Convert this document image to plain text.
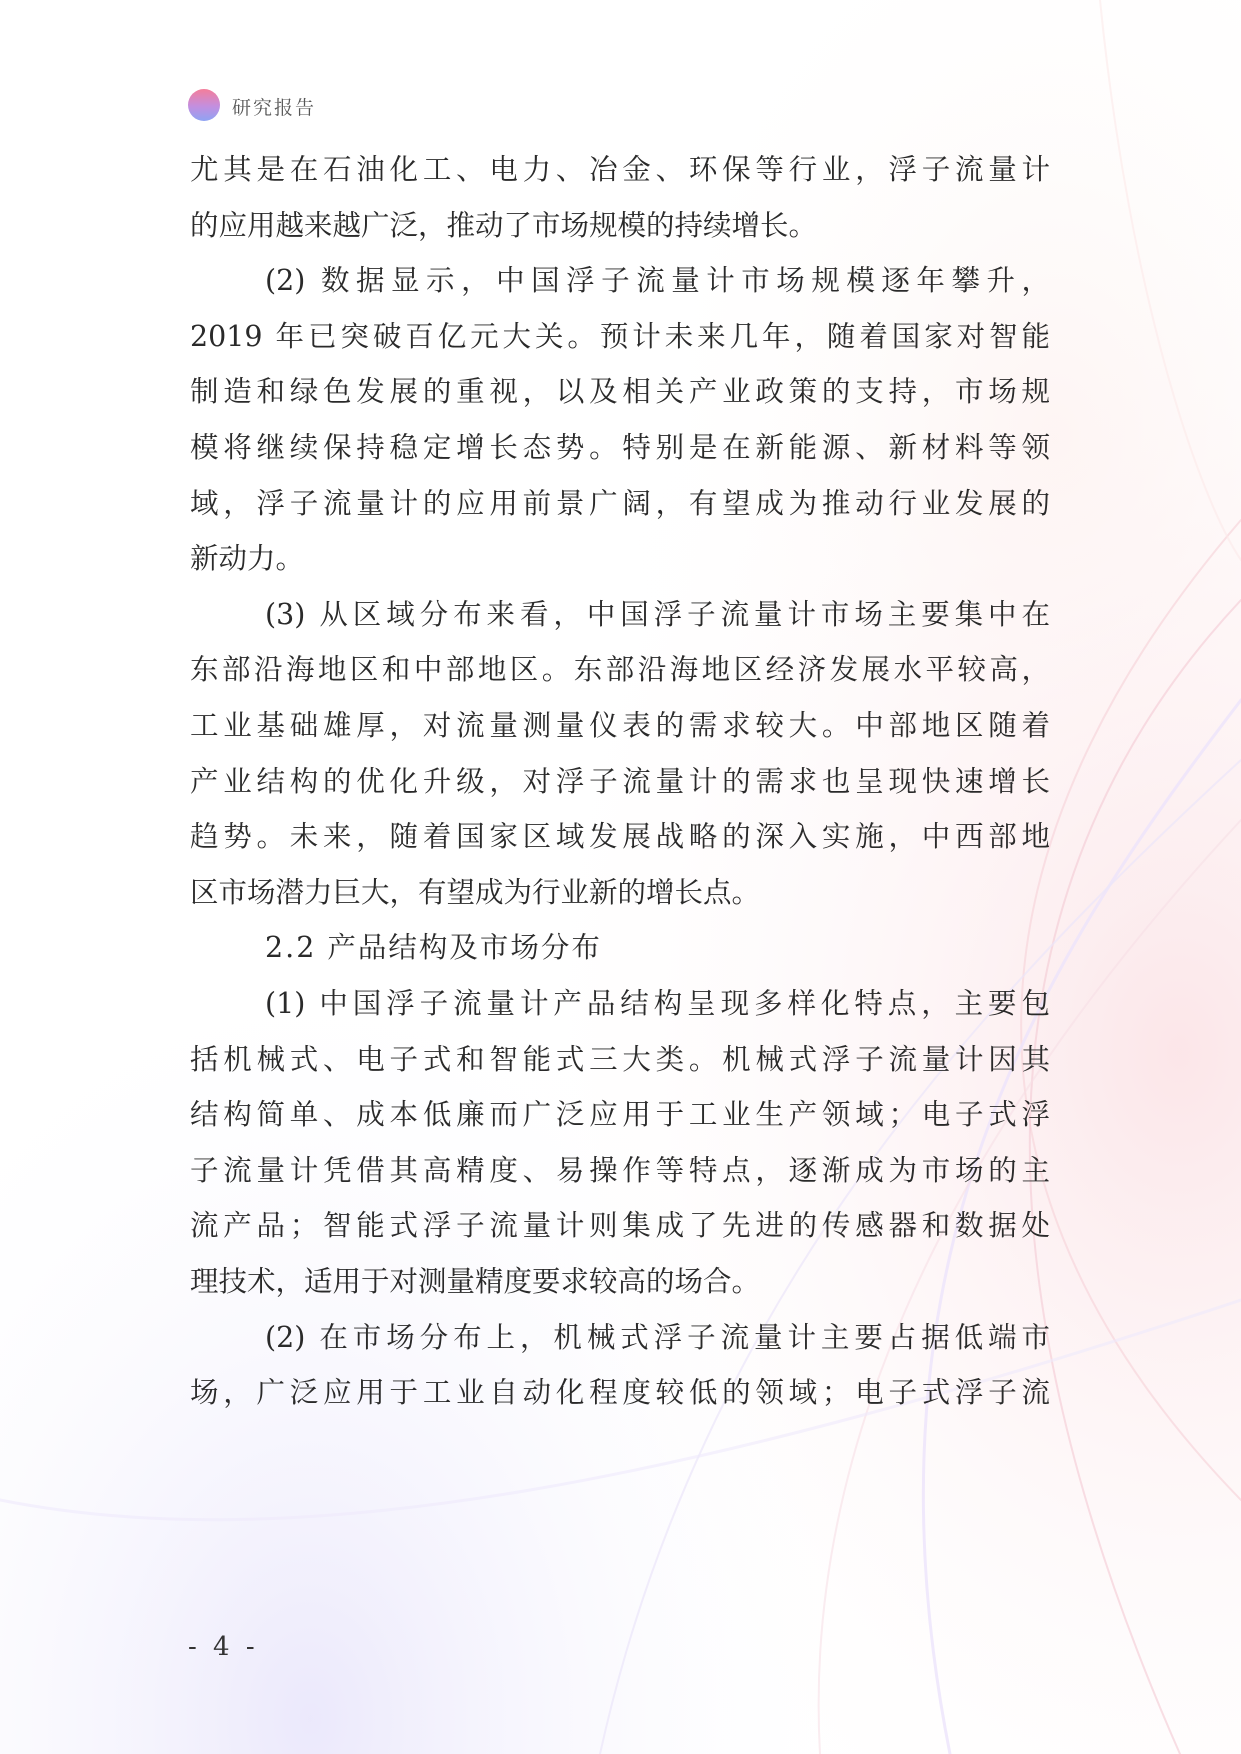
研究报告
尤其是在石油化工、电力、冶金、环保等行业，浮子流量计
的应用越来越广泛，推动了市场规模的持续增长。
(2) 数据显示，中国浮子流量计市场规模逐年攀升，
2019 年已突破百亿元大关。预计未来几年，随着国家对智能
制造和绿色发展的重视，以及相关产业政策的支持，市场规
模将继续保持稳定增长态势。特别是在新能源、新材料等领
域，浮子流量计的应用前景广阔，有望成为推动行业发展的
新动力。
(3) 从区域分布来看，中国浮子流量计市场主要集中在
东部沿海地区和中部地区。东部沿海地区经济发展水平较高，
工业基础雄厚，对流量测量仪表的需求较大。中部地区随着
产业结构的优化升级，对浮子流量计的需求也呈现快速增长
趋势。未来，随着国家区域发展战略的深入实施，中西部地
区市场潜力巨大，有望成为行业新的增长点。
2.2 产品结构及市场分布
(1) 中国浮子流量计产品结构呈现多样化特点，主要包
括机械式、电子式和智能式三大类。机械式浮子流量计因其
结构简单、成本低廉而广泛应用于工业生产领域；电子式浮
子流量计凭借其高精度、易操作等特点，逐渐成为市场的主
流产品；智能式浮子流量计则集成了先进的传感器和数据处
理技术，适用于对测量精度要求较高的场合。
(2) 在市场分布上，机械式浮子流量计主要占据低端市
场，广泛应用于工业自动化程度较低的领域；电子式浮子流
- 4 -
